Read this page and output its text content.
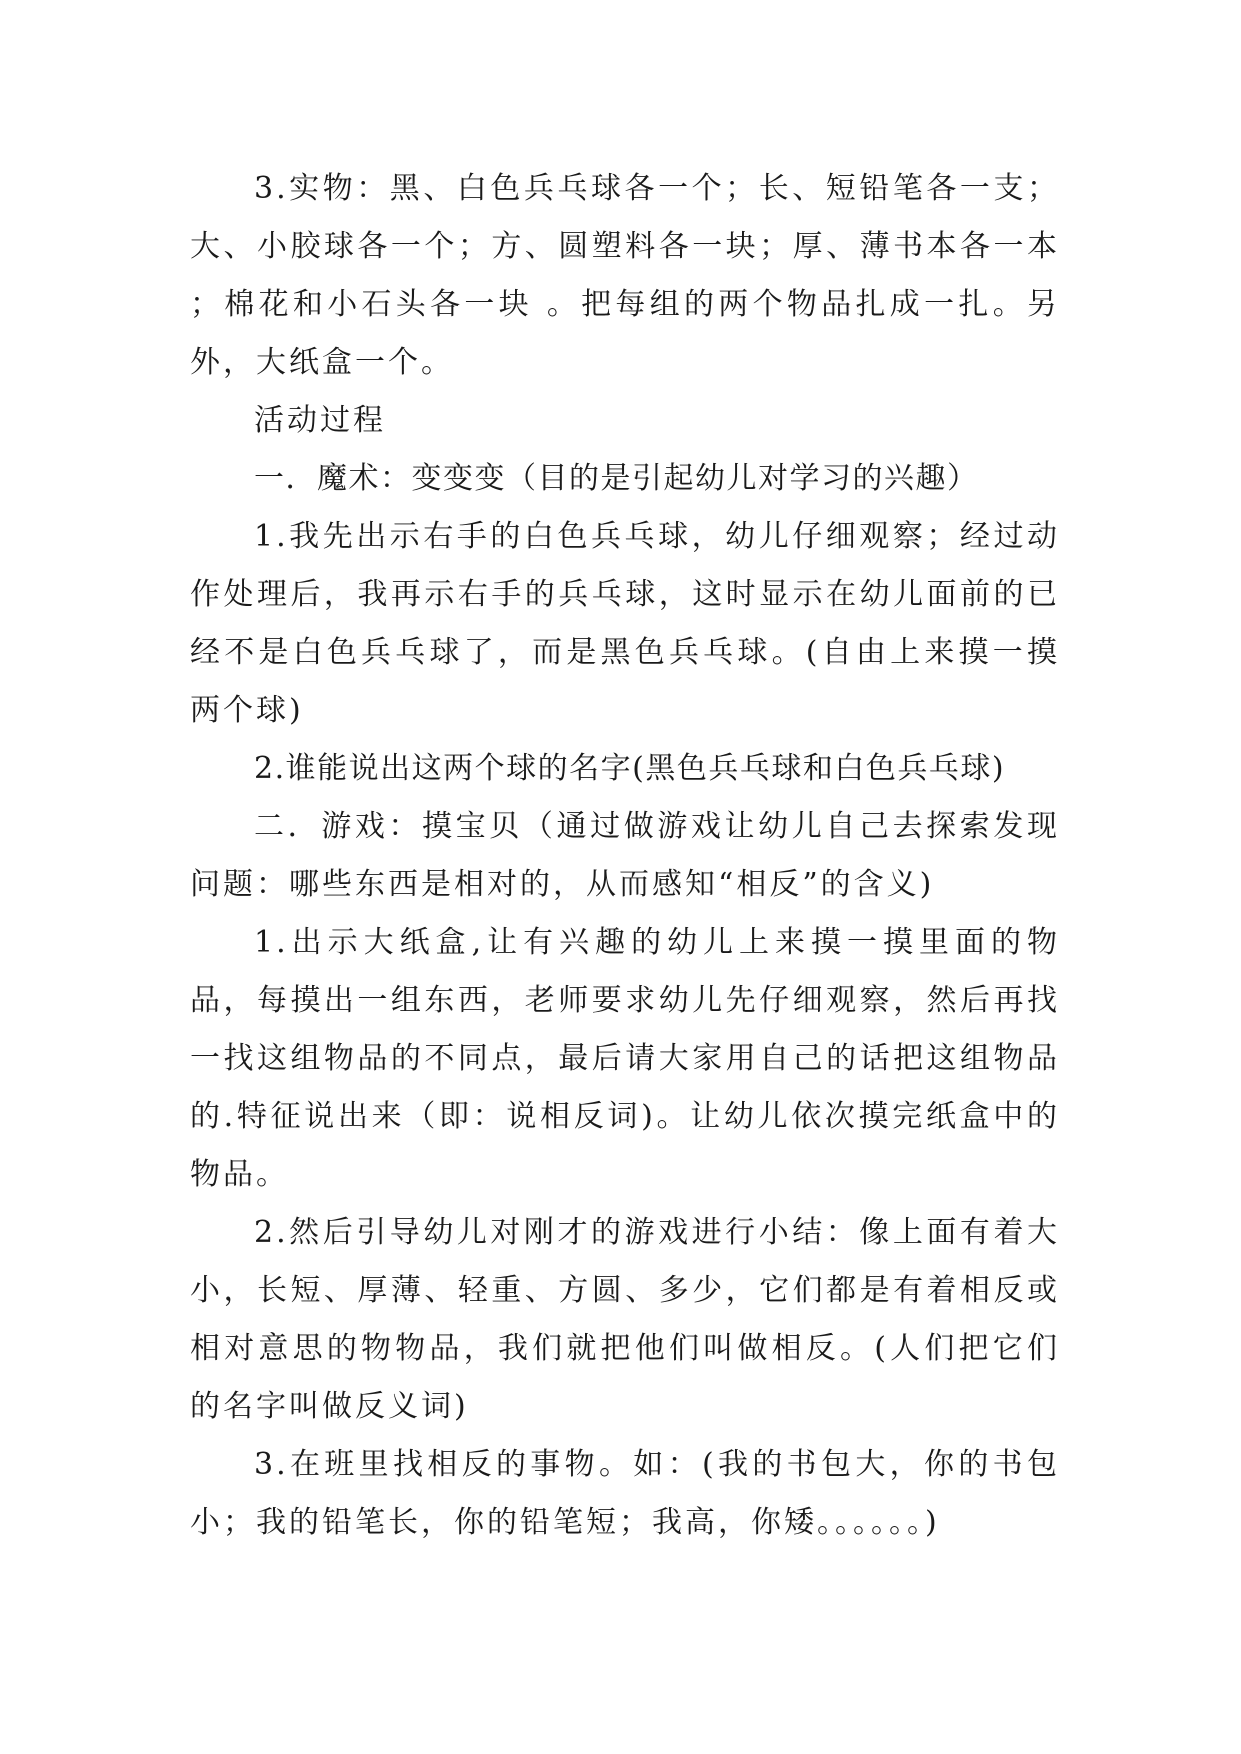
3.实物：黑、白色兵乓球各一个；长、短铅笔各一支；大、小胶球各一个；方、圆塑料各一块；厚、薄书本各一本 ；棉花和小石头各一块 。把每组的两个物品扎成一扎。另外，大纸盒一个。

活动过程

一．魔术：变变变（目的是引起幼儿对学习的兴趣）

1.我先出示右手的白色兵乓球，幼儿仔细观察；经过动作处理后，我再示右手的兵乓球，这时显示在幼儿面前的已经不是白色兵乓球了，而是黑色兵乓球。(自由上来摸一摸两个球)

2.谁能说出这两个球的名字(黑色兵乓球和白色兵乓球)

二．游戏：摸宝贝（通过做游戏让幼儿自己去探索发现问题：哪些东西是相对的，从而感知“相反”的含义)

1.出示大纸盒,让有兴趣的幼儿上来摸一摸里面的物品，每摸出一组东西，老师要求幼儿先仔细观察，然后再找一找这组物品的不同点，最后请大家用自己的话把这组物品的.特征说出来（即：说相反词)。让幼儿依次摸完纸盒中的物品。

2.然后引导幼儿对刚才的游戏进行小结：像上面有着大小，长短、厚薄、轻重、方圆、多少，它们都是有着相反或相对意思的物物品，我们就把他们叫做相反。(人们把它们的名字叫做反义词)

3.在班里找相反的事物。如：(我的书包大，你的书包小；我的铅笔长，你的铅笔短；我高，你矮。。。。。。)
